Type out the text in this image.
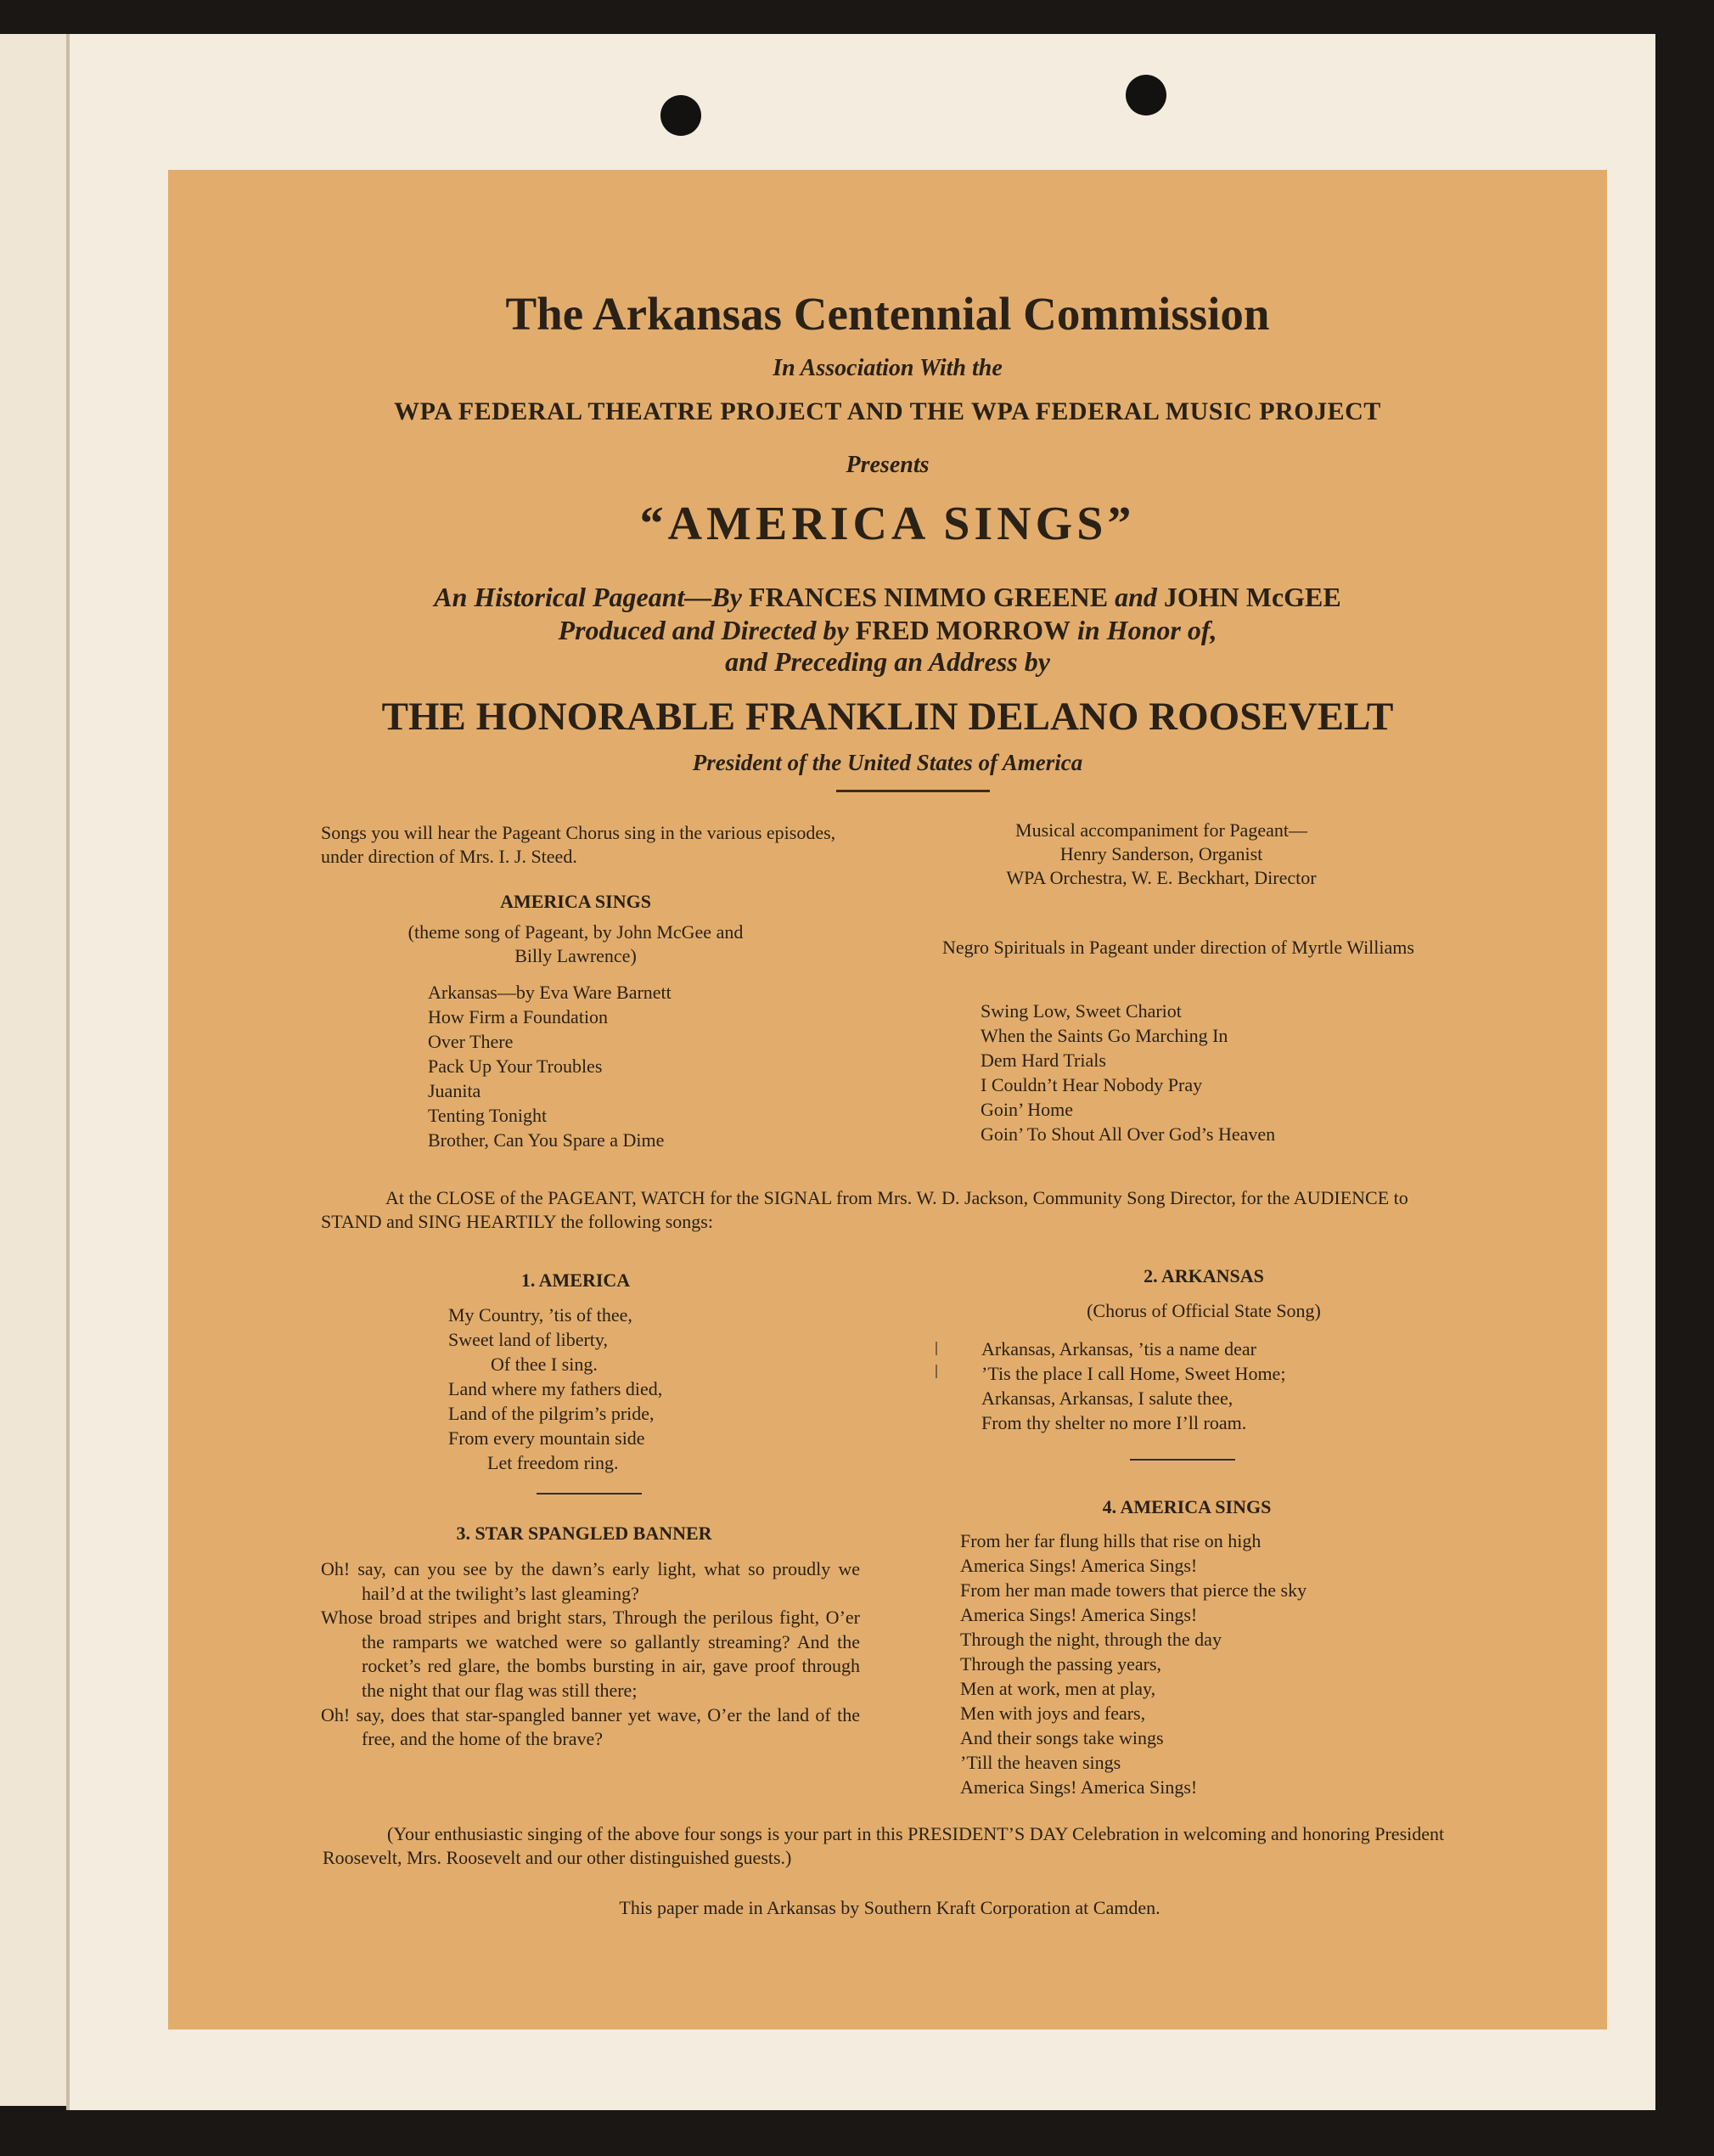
The Arkansas Centennial Commission
In Association With the
WPA FEDERAL THEATRE PROJECT AND THE WPA FEDERAL MUSIC PROJECT
Presents
“AMERICA SINGS”
An Historical Pageant—By FRANCES NIMMO GREENE and JOHN McGEE
Produced and Directed by FRED MORROW in Honor of,
and Preceding an Address by
THE HONORABLE FRANKLIN DELANO ROOSEVELT
President of the United States of America
Songs you will hear the Pageant Chorus sing in the various episodes, under direction of Mrs. I. J. Steed.
AMERICA SINGS
(theme song of Pageant, by John McGee and Billy Lawrence)
Arkansas—by Eva Ware Barnett
How Firm a Foundation
Over There
Pack Up Your Troubles
Juanita
Tenting Tonight
Brother, Can You Spare a Dime
Musical accompaniment for Pageant—
Henry Sanderson, Organist
WPA Orchestra, W. E. Beckhart, Director
Negro Spirituals in Pageant under direction of Myrtle Williams
Swing Low, Sweet Chariot
When the Saints Go Marching In
Dem Hard Trials
I Couldn’t Hear Nobody Pray
Goin’ Home
Goin’ To Shout All Over God’s Heaven
At the CLOSE of the PAGEANT, WATCH for the SIGNAL from Mrs. W. D. Jackson, Community Song Director, for the AUDIENCE to STAND and SING HEARTILY the following songs:
1. AMERICA
My Country, ’tis of thee,
Sweet land of liberty,
Of thee I sing.
Land where my fathers died,
Land of the pilgrim’s pride,
From every mountain side
Let freedom ring.
2. ARKANSAS
(Chorus of Official State Song)
Arkansas, Arkansas, ’tis a name dear
’Tis the place I call Home, Sweet Home;
Arkansas, Arkansas, I salute thee,
From thy shelter no more I’ll roam.
3. STAR SPANGLED BANNER
Oh! say, can you see by the dawn’s early light, what so proudly we hail’d at the twilight’s last gleaming?
Whose broad stripes and bright stars, Through the perilous fight, O’er the ramparts we watched were so gallantly streaming? And the rocket’s red glare, the bombs bursting in air, gave proof through the night that our flag was still there;
Oh! say, does that star-spangled banner yet wave, O’er the land of the free, and the home of the brave?
4. AMERICA SINGS
From her far flung hills that rise on high
America Sings! America Sings!
From her man made towers that pierce the sky
America Sings! America Sings!
Through the night, through the day
Through the passing years,
Men at work, men at play,
Men with joys and fears,
And their songs take wings
’Till the heaven sings
America Sings! America Sings!
(Your enthusiastic singing of the above four songs is your part in this PRESIDENT’S DAY Celebration in welcoming and honoring President Roosevelt, Mrs. Roosevelt and our other distinguished guests.)
This paper made in Arkansas by Southern Kraft Corporation at Camden.
